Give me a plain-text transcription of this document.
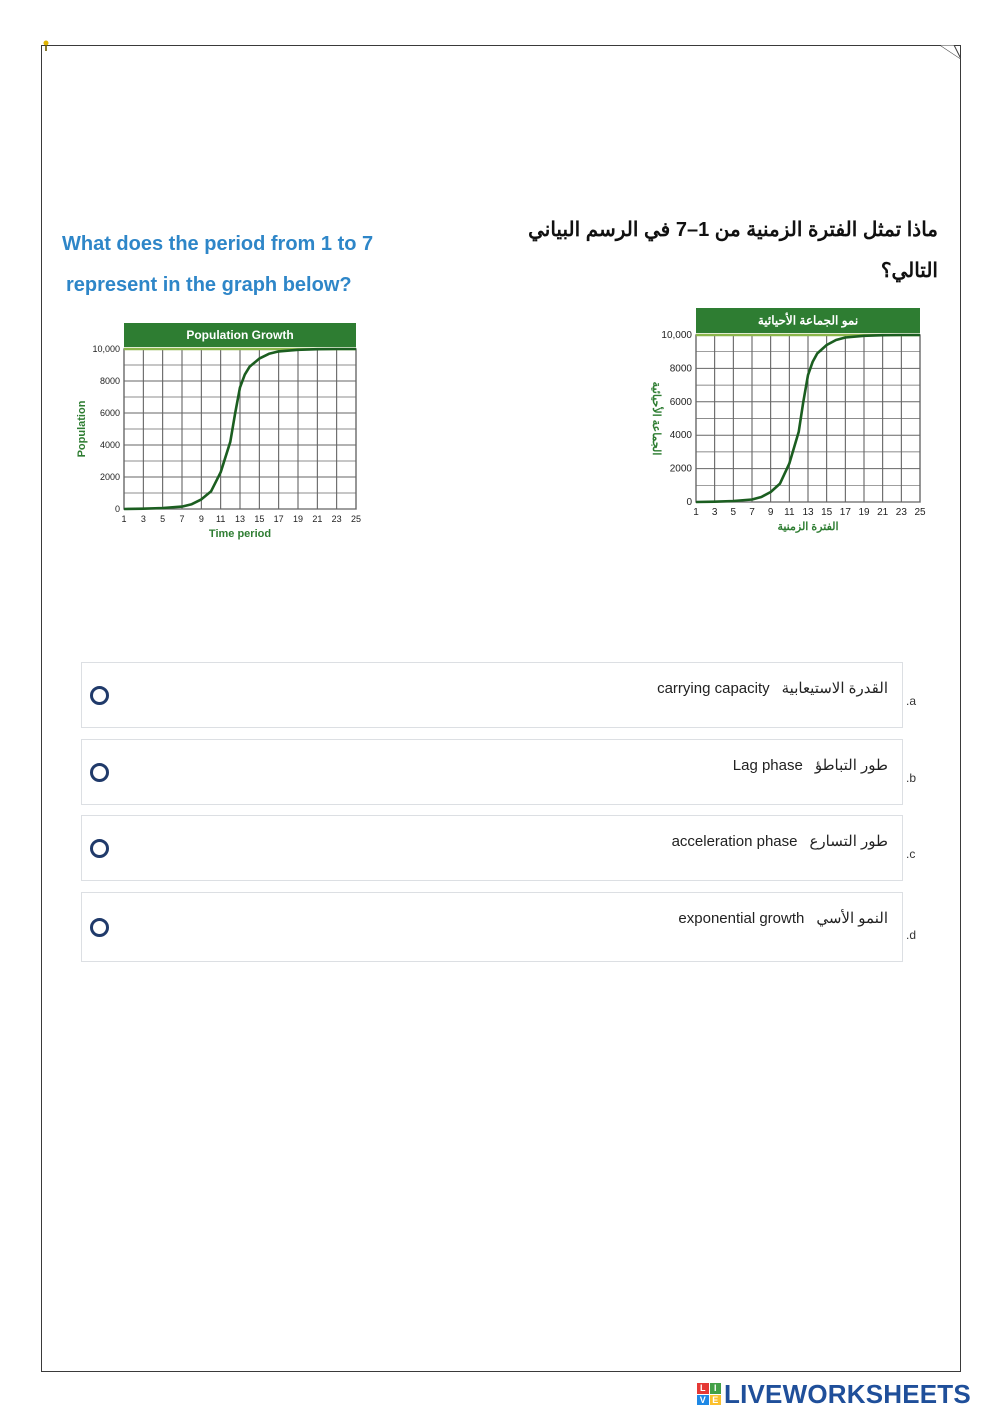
What does the period from 1 to 7
represent in the graph below?
ماذا تمثل الفترة الزمنية من 1–7 في الرسم البياني
التالي؟
Population Growth
1 3 5 7 9 11 13 15 17 19 21 23 25
0
2000
4000
6000
8000
10,000
Time period
Population
نمو الجماعة الأحيائية
1 3 5 7 9 11 13 15 17 19 21 23 25
0
2000
4000
6000
8000
10,000
الفترة الزمنية
الجماعة الأحيائية
carrying capacity القدرة الاستيعابية
.a
Lag phase طور التباطؤ
.b
acceleration phase طور التسارع
.c
exponential growth النمو الأسي
.d
L I
V E LIVEWORKSHEETS
